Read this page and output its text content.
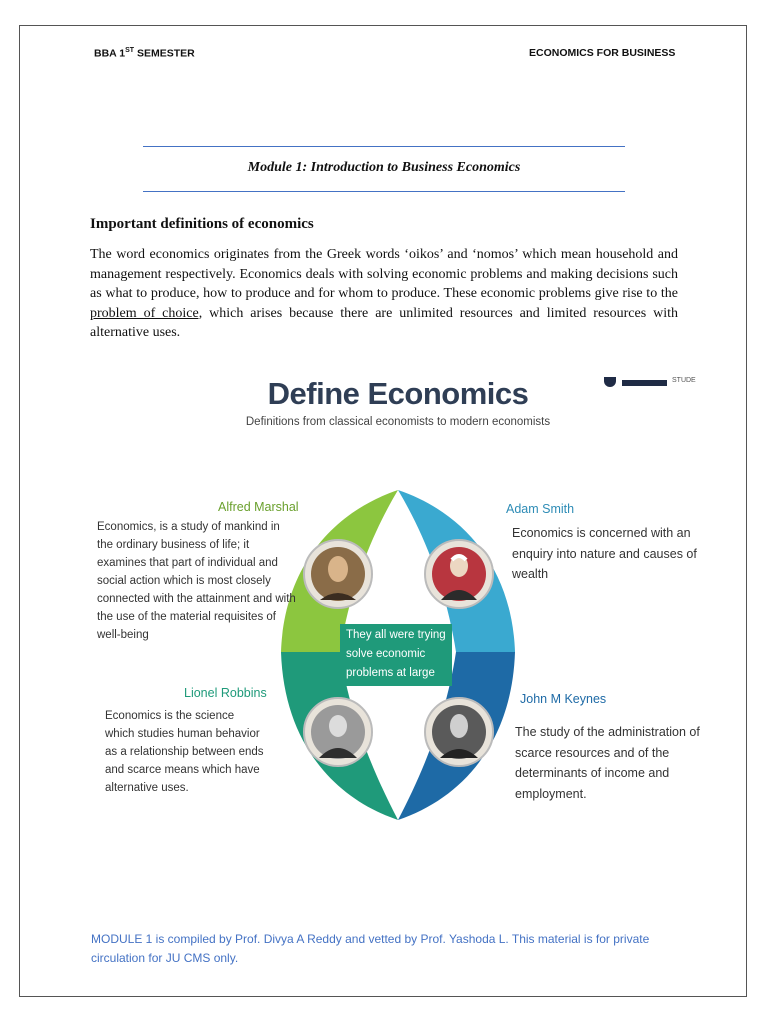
BBA 1ST SEMESTER	ECONOMICS FOR BUSINESS
Module 1: Introduction to Business Economics
Important definitions of economics
The word economics originates from the Greek words ‘oikos’ and ‘nomos’ which mean household and management respectively. Economics deals with solving economic problems and making decisions such as what to produce, how to produce and for whom to produce. These economic problems give rise to the problem of choice, which arises because there are unlimited resources and limited resources with alternative uses.
Define Economics
Definitions from classical economists to modern economists
STUDE
They all were trying solve economic problems at large
Alfred Marshal
Economics, is a study of mankind in the ordinary business of life; it examines that part of individual and social action which is most closely connected with the attainment and with the use of the material requisites of well-being
Adam Smith
Economics is concerned with an enquiry into nature and causes of wealth
Lionel Robbins
Economics is the science which studies human behavior as a relationship between ends and scarce means which have alternative uses.
John M Keynes
The study of the administration of scarce resources and of the determinants of income and employment.
MODULE 1 is compiled by Prof. Divya A Reddy and vetted by Prof. Yashoda L. This material is for private circulation for JU CMS only.
